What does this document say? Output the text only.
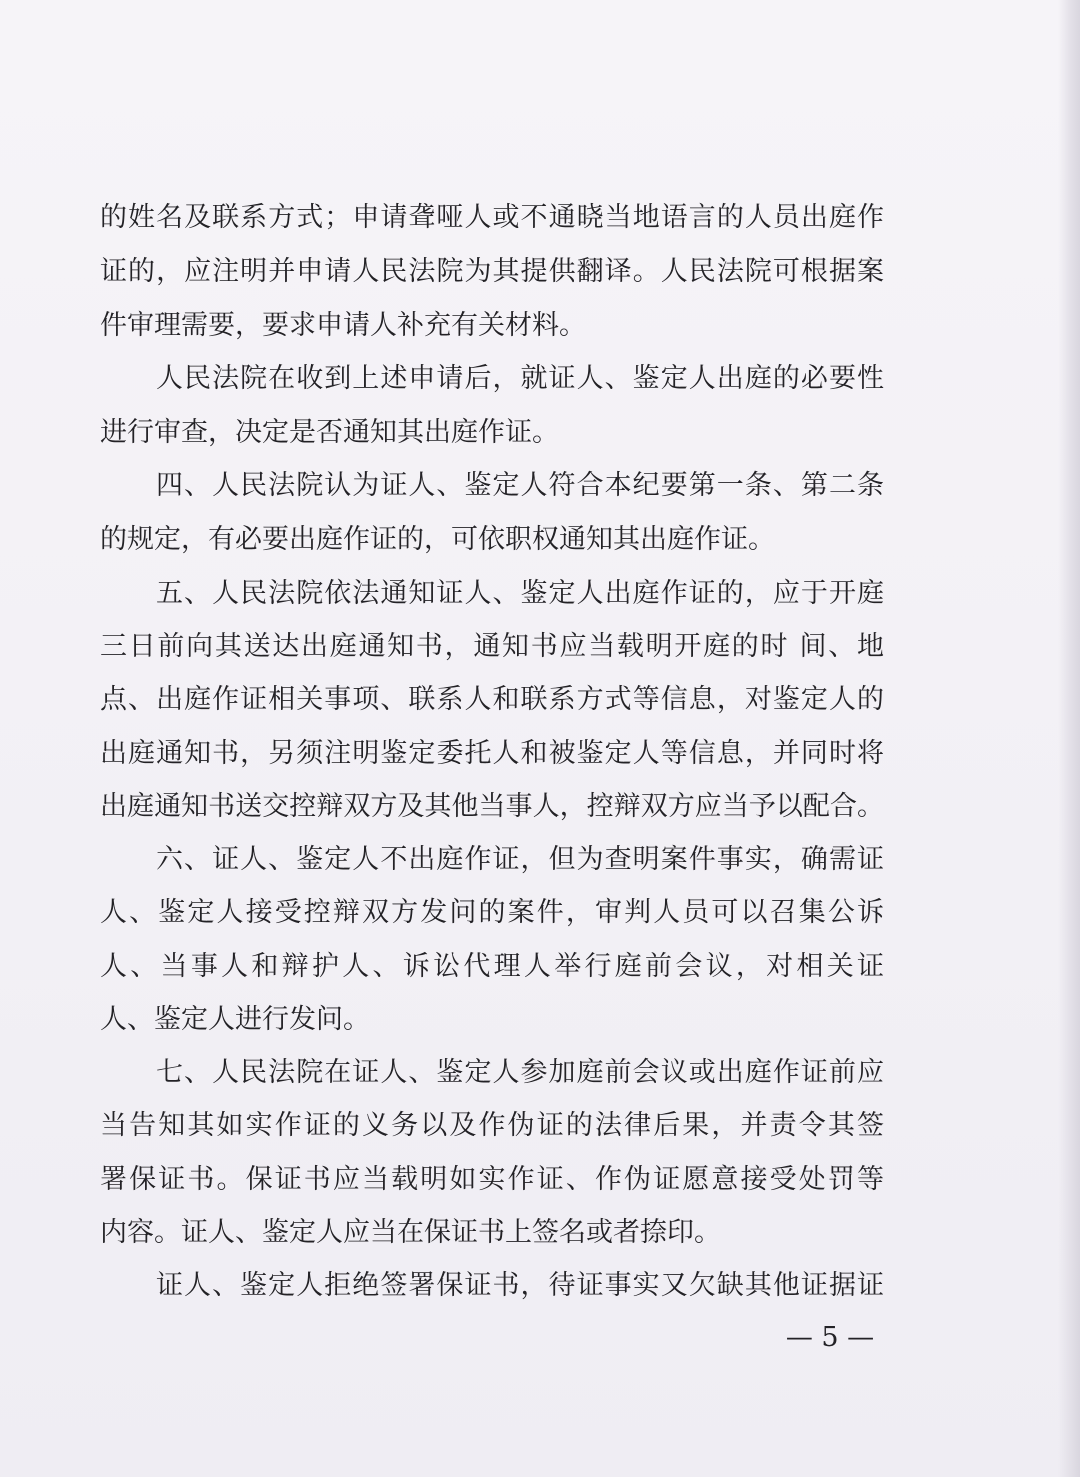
的姓名及联系方式；申请聋哑人或不通晓当地语言的人员出庭作
证的，应注明并申请人民法院为其提供翻译。人民法院可根据案
件审理需要，要求申请人补充有关材料。
人民法院在收到上述申请后，就证人、鉴定人出庭的必要性
进行审查，决定是否通知其出庭作证。
四、人民法院认为证人、鉴定人符合本纪要第一条、第二条
的规定，有必要出庭作证的，可依职权通知其出庭作证。
五、人民法院依法通知证人、鉴定人出庭作证的，应于开庭
三日前向其送达出庭通知书，通知书应当载明开庭的时 间、地
点、出庭作证相关事项、联系人和联系方式等信息，对鉴定人的
出庭通知书，另须注明鉴定委托人和被鉴定人等信息，并同时将
出庭通知书送交控辩双方及其他当事人，控辩双方应当予以配合。
六、证人、鉴定人不出庭作证，但为查明案件事实，确需证
人、鉴定人接受控辩双方发问的案件，审判人员可以召集公诉
人、当事人和辩护人、诉讼代理人举行庭前会议，对相关证
人、鉴定人进行发问。
七、人民法院在证人、鉴定人参加庭前会议或出庭作证前应
当告知其如实作证的义务以及作伪证的法律后果，并责令其签
署保证书。保证书应当载明如实作证、作伪证愿意接受处罚等
内容。证人、鉴定人应当在保证书上签名或者捺印。
证人、鉴定人拒绝签署保证书，待证事实又欠缺其他证据证
— 5 —
